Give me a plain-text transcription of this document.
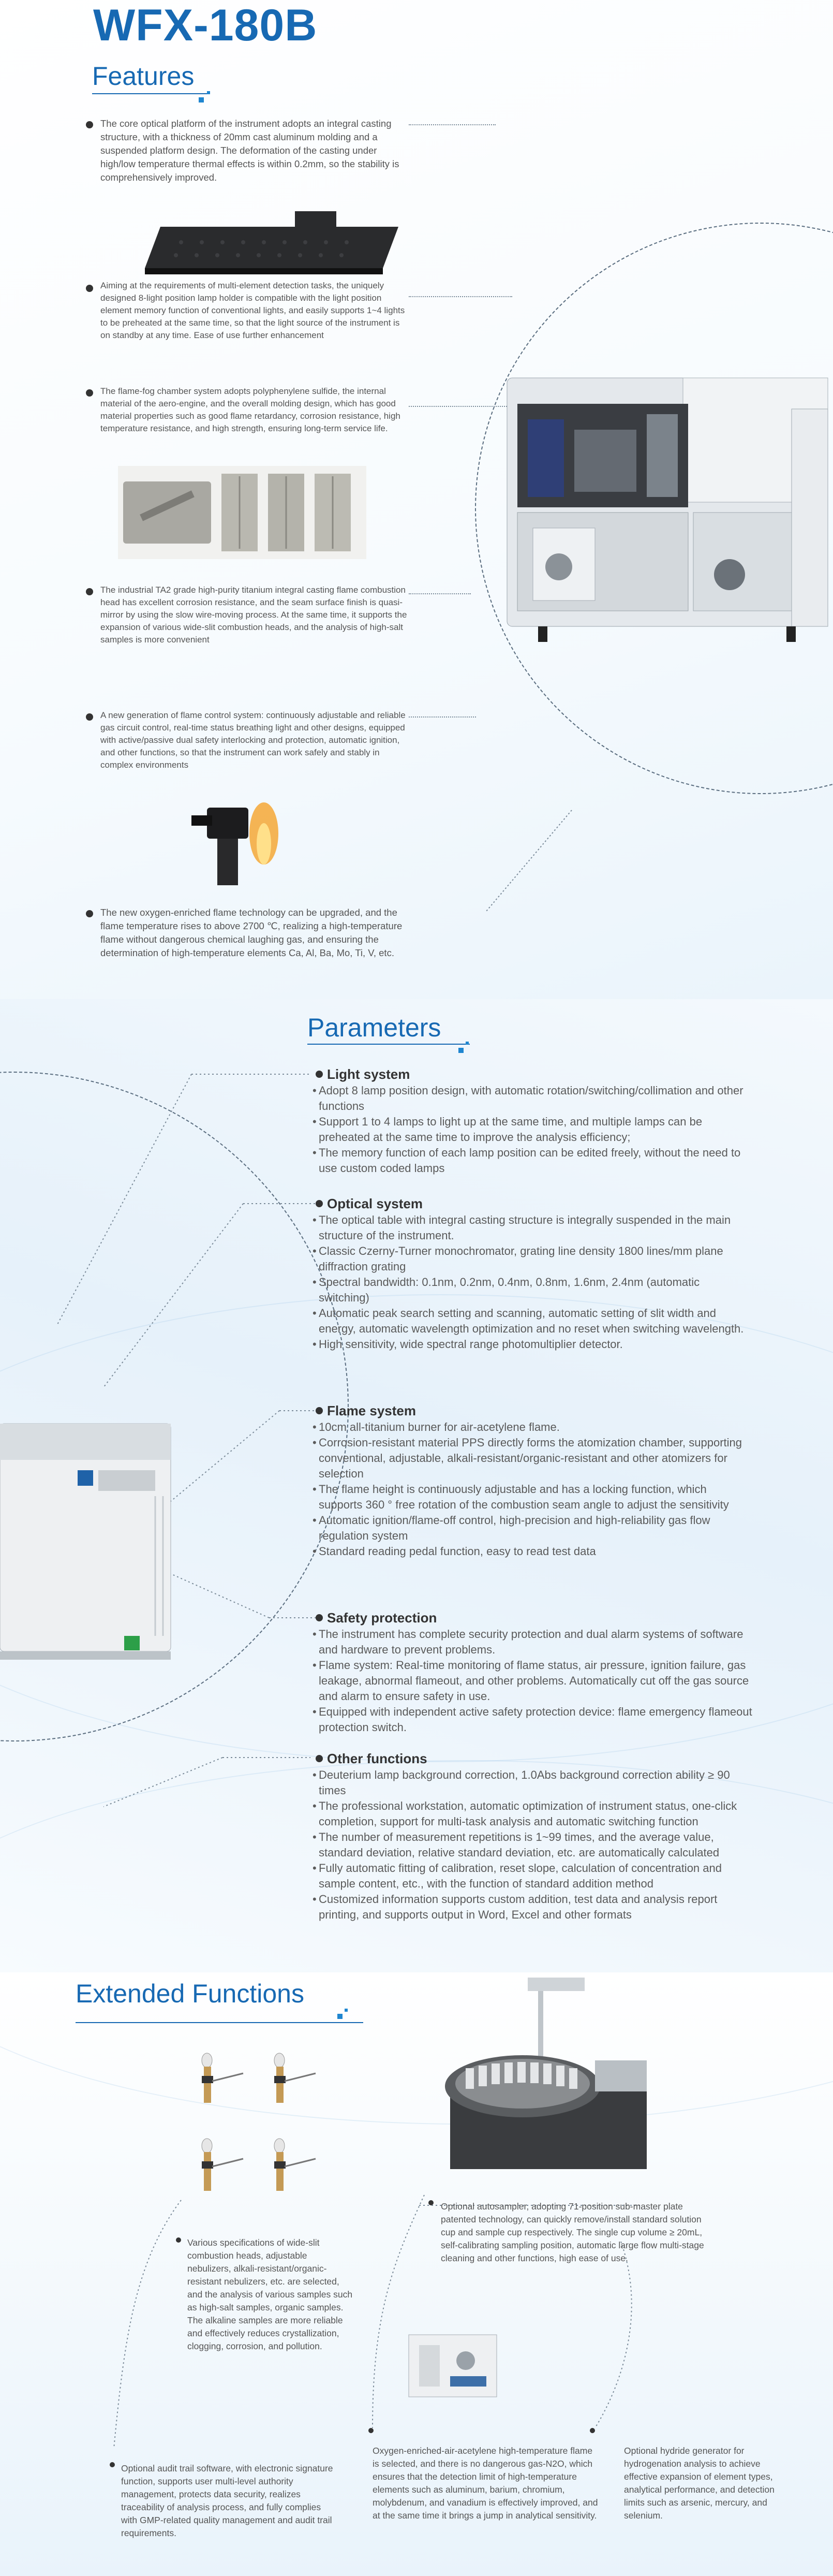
WFX-180B
Features
The core optical platform of the instrument adopts an integral casting structure, with a thickness of 20mm cast aluminum molding and a suspended platform design. The deformation of the casting under high/low temperature thermal effects is within 0.2mm, so the stability is comprehensively improved.
Aiming at the requirements of multi-element detection tasks, the uniquely designed 8-light position lamp holder is compatible with the light position element memory function of conventional lights, and easily supports 1~4 lights to be preheated at the same time, so that the light source of the instrument is on standby at any time. Ease of use further enhancement
The flame-fog chamber system adopts polyphenylene sulfide, the internal material of the aero-engine, and the overall molding design, which has good material properties such as good flame retardancy, corrosion resistance, high temperature resistance, and high strength, ensuring long-term service life.
The industrial TA2 grade high-purity titanium integral casting flame combustion head has excellent corrosion resistance, and the seam surface finish is quasi-mirror by using the slow wire-moving process. At the same time, it supports the expansion of various wide-slit combustion heads, and the analysis of high-salt samples is more convenient
A new generation of flame control system: continuously adjustable and reliable gas circuit control, real-time status breathing light and other designs, equipped with active/passive dual safety interlocking and protection, automatic ignition, and other functions, so that the instrument can work safely and stably in complex environments
The new oxygen-enriched flame technology can be upgraded, and the flame temperature rises to above 2700 ℃, realizing a high-temperature flame without dangerous chemical laughing gas, and ensuring the determination of high-temperature elements Ca, Al, Ba, Mo, Ti, V, etc.
Parameters
Light system
• Adopt 8 lamp position design, with automatic rotation/switching/collimation and other functions
• Support 1 to 4 lamps to light up at the same time, and multiple lamps can be preheated at the same time to improve the analysis efficiency;
• The memory function of each lamp position can be edited freely, without the need to use custom coded lamps
Optical system
• The optical table with integral casting structure is integrally suspended in the main structure of the instrument.
• Classic Czerny-Turner monochromator, grating line density 1800 lines/mm plane diffraction grating
• Spectral bandwidth: 0.1nm, 0.2nm, 0.4nm, 0.8nm, 1.6nm, 2.4nm (automatic switching)
• Automatic peak search setting and scanning, automatic setting of slit width and energy, automatic wavelength optimization and no reset when switching wavelength.
• High sensitivity, wide spectral range photomultiplier detector.
Flame system
• 10cm all-titanium burner for air-acetylene flame.
• Corrosion-resistant material PPS directly forms the atomization chamber, supporting conventional, adjustable, alkali-resistant/organic-resistant and other atomizers for selection
• The flame height is continuously adjustable and has a locking function, which supports 360 ° free rotation of the combustion seam angle to adjust the sensitivity
• Automatic ignition/flame-off control, high-precision and high-reliability gas flow regulation system
• Standard reading pedal function, easy to read test data
Safety protection
• The instrument has complete security protection and dual alarm systems of software and hardware to prevent problems.
• Flame system: Real-time monitoring of flame status, air pressure, ignition failure, gas leakage, abnormal flameout, and other problems. Automatically cut off the gas source and alarm to ensure safety in use.
• Equipped with independent active safety protection device: flame emergency flameout protection switch.
Other functions
• Deuterium lamp background correction, 1.0Abs background correction ability ≥ 90 times
• The professional workstation, automatic optimization of instrument status, one-click completion, support for multi-task analysis and automatic switching function
• The number of measurement repetitions is 1~99 times, and the average value, standard deviation, relative standard deviation, etc. are automatically calculated
• Fully automatic fitting of calibration, reset slope, calculation of concentration and sample content, etc., with the function of standard addition method
• Customized information supports custom addition, test data and analysis report printing, and supports output in Word, Excel and other formats
Extended Functions
Optional autosampler, adopting 71-position sub-master plate patented technology, can quickly remove/install standard solution cup and sample cup respectively. The single cup volume ≥ 20mL, self-calibrating sampling position, automatic large flow multi-stage cleaning and other functions, high ease of use.
Various specifications of wide-slit combustion heads, adjustable nebulizers, alkali-resistant/organic-resistant nebulizers, etc. are selected, and the analysis of various samples such as high-salt samples, organic samples. The alkaline samples are more reliable and effectively reduces crystallization, clogging, corrosion, and pollution.
Optional audit trail software, with electronic signature function, supports user multi-level authority management, protects data security, realizes traceability of analysis process, and fully complies with GMP-related quality management and audit trail requirements.
Oxygen-enriched-air-acetylene high-temperature flame is selected, and there is no dangerous gas-N2O, which ensures that the detection limit of high-temperature elements such as aluminum, barium, chromium, molybdenum, and vanadium is effectively improved, and at the same time it brings a jump in analytical sensitivity.
Optional hydride generator for hydrogenation analysis to achieve effective expansion of element types, analytical performance, and detection limits such as arsenic, mercury, and selenium.
